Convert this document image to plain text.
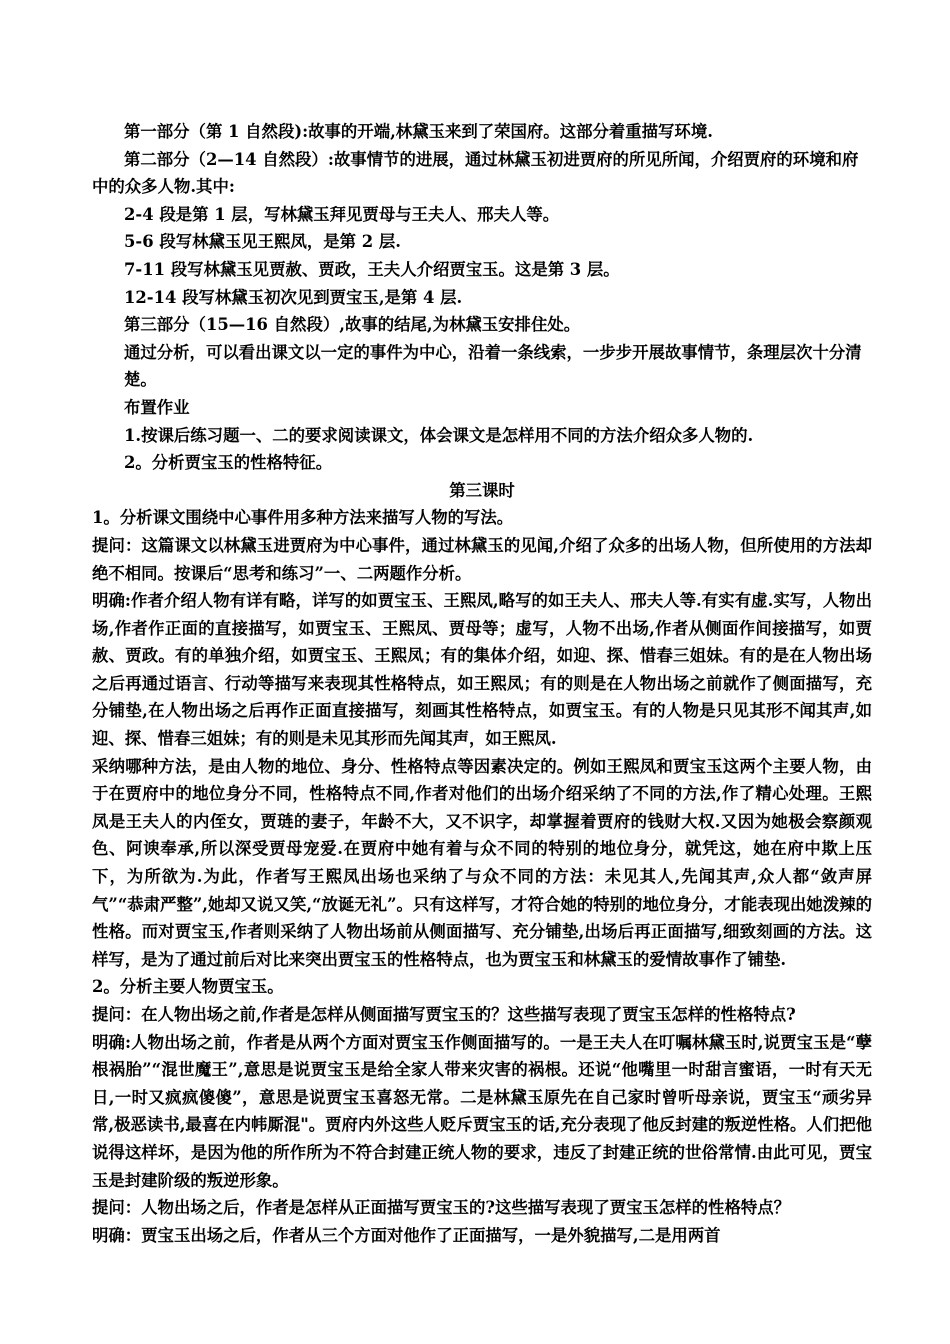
第一部分（第 1 自然段):故事的开端,林黛玉来到了荣国府。这部分着重描写环境.

第二部分（2—14 自然段）:故事情节的进展，通过林黛玉初进贾府的所见所闻，介绍贾府的环境和府中的众多人物.其中:

2-4 段是第 1 层，写林黛玉拜见贾母与王夫人、邢夫人等。

5-6 段写林黛玉见王熙凤，是第 2 层.

7-11 段写林黛玉见贾赦、贾政，王夫人介绍贾宝玉。这是第 3 层。

12-14 段写林黛玉初次见到贾宝玉,是第 4 层.

第三部分（15—16 自然段）,故事的结尾,为林黛玉安排住处。

通过分析，可以看出课文以一定的事件为中心，沿着一条线索，一步步开展故事情节，条理层次十分清楚。

布置作业

1.按课后练习题一、二的要求阅读课文，体会课文是怎样用不同的方法介绍众多人物的.

2。分析贾宝玉的性格特征。

第三课时

1。分析课文围绕中心事件用多种方法来描写人物的写法。

提问：这篇课文以林黛玉进贾府为中心事件，通过林黛玉的见闻,介绍了众多的出场人物，但所使用的方法却绝不相同。按课后“思考和练习”一、二两题作分析。

明确:作者介绍人物有详有略，详写的如贾宝玉、王熙凤,略写的如王夫人、邢夫人等.有实有虚.实写，人物出场,作者作正面的直接描写，如贾宝玉、王熙凤、贾母等；虚写，人物不出场,作者从侧面作间接描写，如贾赦、贾政。有的单独介绍，如贾宝玉、王熙凤；有的集体介绍，如迎、探、惜春三姐妹。有的是在人物出场之后再通过语言、行动等描写来表现其性格特点，如王熙凤；有的则是在人物出场之前就作了侧面描写，充分铺垫,在人物出场之后再作正面直接描写，刻画其性格特点，如贾宝玉。有的人物是只见其形不闻其声,如迎、探、惜春三姐妹；有的则是未见其形而先闻其声，如王熙凤.

采纳哪种方法，是由人物的地位、身分、性格特点等因素决定的。例如王熙凤和贾宝玉这两个主要人物，由于在贾府中的地位身分不同，性格特点不同,作者对他们的出场介绍采纳了不同的方法,作了精心处理。王熙凤是王夫人的内侄女，贾琏的妻子，年龄不大，又不识字，却掌握着贾府的钱财大权.又因为她极会察颜观色、阿谀奉承,所以深受贾母宠爱.在贾府中她有着与众不同的特别的地位身分，就凭这，她在府中欺上压下，为所欲为.为此，作者写王熙凤出场也采纳了与众不同的方法：未见其人,先闻其声,众人都“敛声屏气”“恭肃严整”,她却又说又笑,“放诞无礼”。只有这样写，才符合她的特别的地位身分，才能表现出她泼辣的性格。而对贾宝玉,作者则采纳了人物出场前从侧面描写、充分铺垫,出场后再正面描写,细致刻画的方法。这样写，是为了通过前后对比来突出贾宝玉的性格特点，也为贾宝玉和林黛玉的爱情故事作了铺垫.

2。分析主要人物贾宝玉。

提问：在人物出场之前,作者是怎样从侧面描写贾宝玉的？这些描写表现了贾宝玉怎样的性格特点?

明确:人物出场之前，作者是从两个方面对贾宝玉作侧面描写的。一是王夫人在叮嘱林黛玉时,说贾宝玉是“孽根祸胎”“混世魔王”,意思是说贾宝玉是给全家人带来灾害的祸根。还说“他嘴里一时甜言蜜语，一时有天无日,一时又疯疯傻傻”，意思是说贾宝玉喜怒无常。二是林黛玉原先在自己家时曾听母亲说，贾宝玉“顽劣异常,极恶读书,最喜在内帏厮混"。贾府内外这些人贬斥贾宝玉的话,充分表现了他反封建的叛逆性格。人们把他说得这样坏，是因为他的所作所为不符合封建正统人物的要求，违反了封建正统的世俗常情.由此可见，贾宝玉是封建阶级的叛逆形象。

提问：人物出场之后，作者是怎样从正面描写贾宝玉的?这些描写表现了贾宝玉怎样的性格特点？

明确：贾宝玉出场之后，作者从三个方面对他作了正面描写，一是外貌描写,二是用两首
